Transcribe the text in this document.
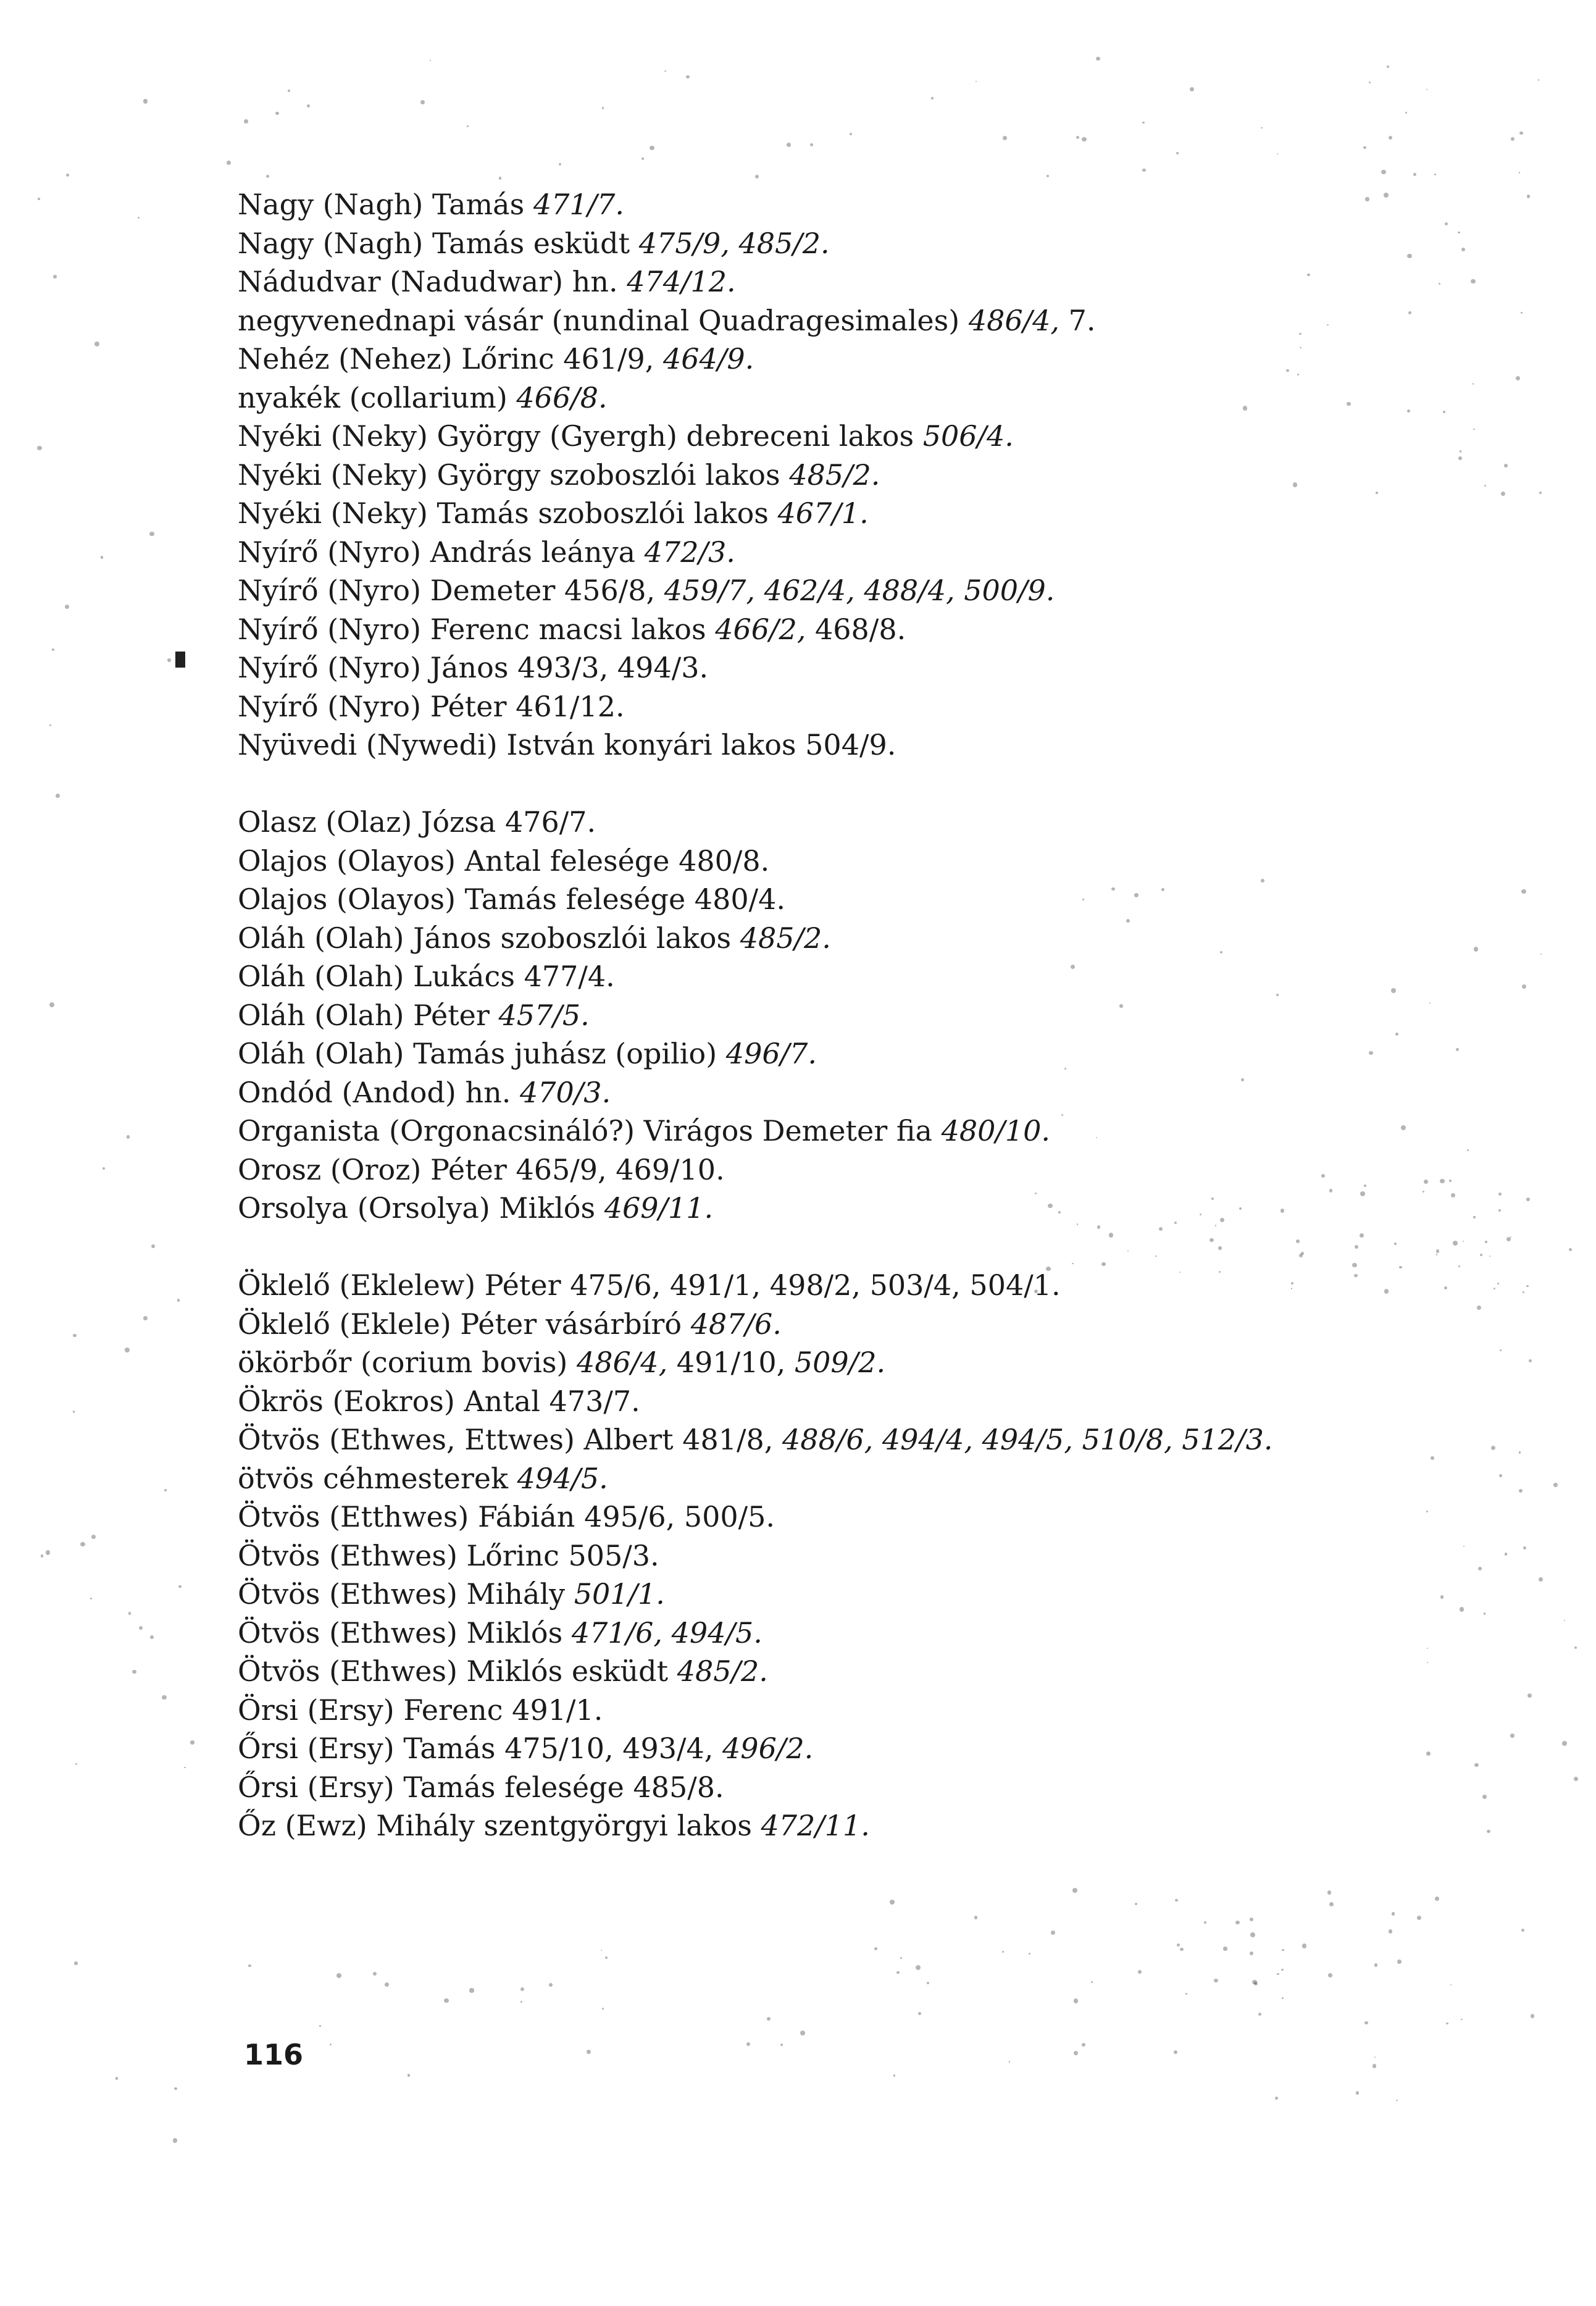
Nagy (Nagh) Tamás 471/7.
Nagy (Nagh) Tamás esküdt 475/9, 485/2.
Nádudvar (Nadudwar) hn. 474/12.
negyvenednapi vásár (nundinal Quadragesimales) 486/4, 7.
Nehéz (Nehez) Lőrinc 461/9, 464/9.
nyakék (collarium) 466/8.
Nyéki (Neky) György (Gyergh) debreceni lakos 506/4.
Nyéki (Neky) György szoboszlói lakos 485/2.
Nyéki (Neky) Tamás szoboszlói lakos 467/1.
Nyírő (Nyro) András leánya 472/3.
Nyírő (Nyro) Demeter 456/8, 459/7, 462/4, 488/4, 500/9.
Nyírő (Nyro) Ferenc macsi lakos 466/2, 468/8.
Nyírő (Nyro) János 493/3, 494/3.
Nyírő (Nyro) Péter 461/12.
Nyüvedi (Nywedi) István konyári lakos 504/9.
Olasz (Olaz) Józsa 476/7.
Olajos (Olayos) Antal felesége 480/8.
Olajos (Olayos) Tamás felesége 480/4.
Oláh (Olah) János szoboszlói lakos 485/2.
Oláh (Olah) Lukács 477/4.
Oláh (Olah) Péter 457/5.
Oláh (Olah) Tamás juhász (opilio) 496/7.
Ondód (Andod) hn. 470/3.
Organista (Orgonacsináló?) Virágos Demeter fia 480/10.
Orosz (Oroz) Péter 465/9, 469/10.
Orsolya (Orsolya) Miklós 469/11.
Öklelő (Eklelew) Péter 475/6, 491/1, 498/2, 503/4, 504/1.
Öklelő (Eklele) Péter vásárbíró 487/6.
ökörbőr (corium bovis) 486/4, 491/10, 509/2.
Ökrös (Eokros) Antal 473/7.
Ötvös (Ethwes, Ettwes) Albert 481/8, 488/6, 494/4, 494/5, 510/8, 512/3.
ötvös céhmesterek 494/5.
Ötvös (Etthwes) Fábián 495/6, 500/5.
Ötvös (Ethwes) Lőrinc 505/3.
Ötvös (Ethwes) Mihály 501/1.
Ötvös (Ethwes) Miklós 471/6, 494/5.
Ötvös (Ethwes) Miklós esküdt 485/2.
Örsi (Ersy) Ferenc 491/1.
Őrsi (Ersy) Tamás 475/10, 493/4, 496/2.
Őrsi (Ersy) Tamás felesége 485/8.
Őz (Ewz) Mihály szentgyörgyi lakos 472/11.
116
